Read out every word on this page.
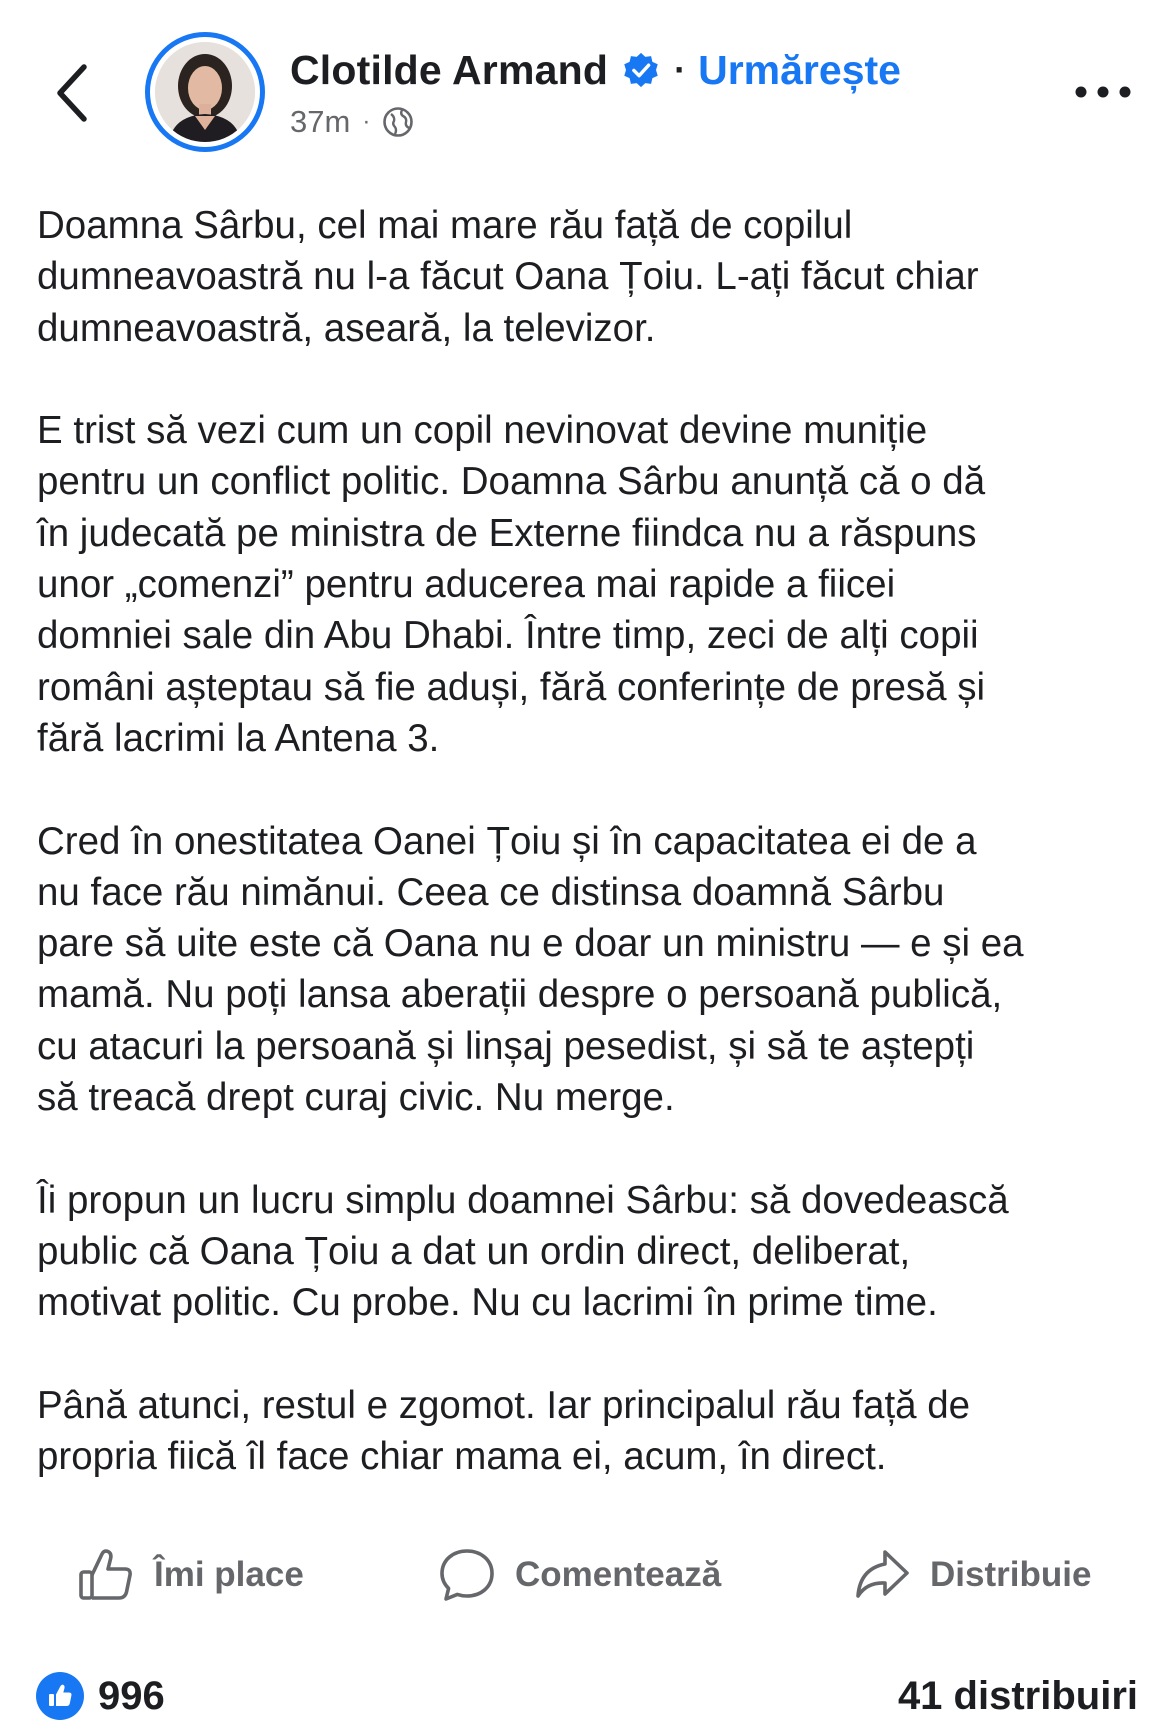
Clotilde Armand · Urmărește
37m ·

Doamna Sârbu, cel mai mare rău față de copilul
dumneavoastră nu l-a făcut Oana Țoiu. L-ați făcut chiar
dumneavoastră, aseară, la televizor.

E trist să vezi cum un copil nevinovat devine muniție
pentru un conflict politic. Doamna Sârbu anunță că o dă
în judecată pe ministra de Externe fiindca nu a răspuns
unor „comenzi” pentru aducerea mai rapide a fiicei
domniei sale din Abu Dhabi. Între timp, zeci de alți copii
români așteptau să fie aduși, fără conferințe de presă și
fără lacrimi la Antena 3.

Cred în onestitatea Oanei Țoiu și în capacitatea ei de a
nu face rău nimănui. Ceea ce distinsa doamnă Sârbu
pare să uite este că Oana nu e doar un ministru — e și ea
mamă. Nu poți lansa aberații despre o persoană publică,
cu atacuri la persoană și linșaj pesedist, și să te aștepți
să treacă drept curaj civic. Nu merge.

Îi propun un lucru simplu doamnei Sârbu: să dovedească
public că Oana Țoiu a dat un ordin direct, deliberat,
motivat politic. Cu probe. Nu cu lacrimi în prime time.

Până atunci, restul e zgomot. Iar principalul rău față de
propria fiică îl face chiar mama ei, acum, în direct.

Îmi place	Comentează	Distribuie
996	41 distribuiri
